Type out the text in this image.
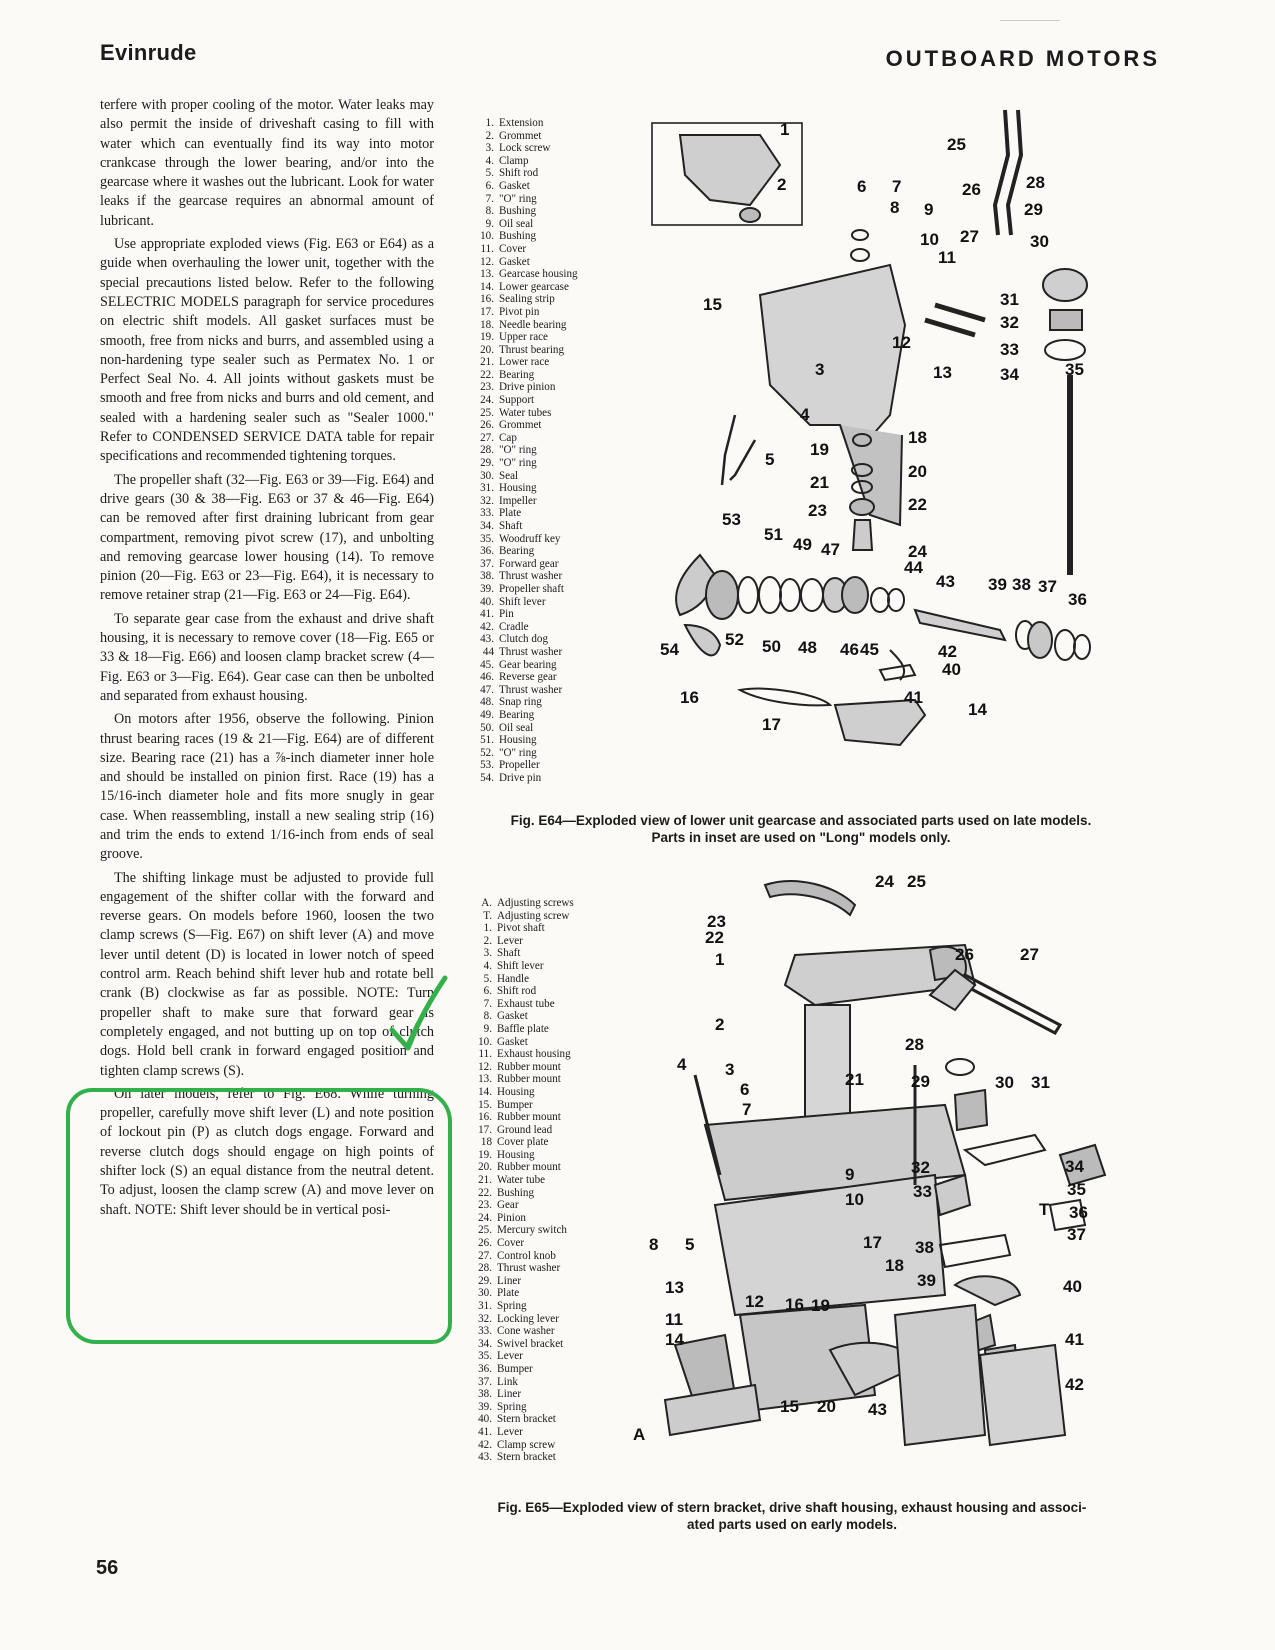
Evinrude	OUTBOARD MOTORS

terfere with proper cooling of the motor. Water leaks may also permit the inside of driveshaft casing to fill with water which can eventually find its way into motor crankcase through the lower bearing, and/or into the gearcase where it washes out the lubricant. Look for water leaks if the gearcase requires an abnormal amount of lubricant.

Use appropriate exploded views (Fig. E63 or E64) as a guide when overhauling the lower unit, together with the special precautions listed below. Refer to the following SELECTRIC MODELS paragraph for service procedures on electric shift models. All gasket surfaces must be smooth, free from nicks and burrs, and assembled using a non-hardening type sealer such as Permatex No. 1 or Perfect Seal No. 4. All joints without gaskets must be smooth and free from nicks and burrs and old cement, and sealed with a hardening sealer such as "Sealer 1000." Refer to CONDENSED SERVICE DATA table for repair specifications and recommended tightening torques.

The propeller shaft (32—Fig. E63 or 39—Fig. E64) and drive gears (30 & 38—Fig. E63 or 37 & 46—Fig. E64) can be removed after first draining lubricant from gear compartment, removing pivot screw (17), and unbolting and removing gearcase lower housing (14). To remove pinion (20—Fig. E63 or 23—Fig. E64), it is necessary to remove retainer strap (21—Fig. E63 or 24—Fig. E64).

To separate gear case from the exhaust and drive shaft housing, it is necessary to remove cover (18—Fig. E65 or 33 & 18—Fig. E66) and loosen clamp bracket screw (4—Fig. E63 or 3—Fig. E64). Gear case can then be unbolted and separated from exhaust housing.

On motors after 1956, observe the following. Pinion thrust bearing races (19 & 21—Fig. E64) are of different size. Bearing race (21) has a ⅞-inch diameter inner hole and should be installed on pinion first. Race (19) has a 15/16-inch diameter hole and fits more snugly in gear case. When reassembling, install a new sealing strip (16) and trim the ends to extend 1/16-inch from ends of seal groove.

The shifting linkage must be adjusted to provide full engagement of the shifter collar with the forward and reverse gears. On models before 1960, loosen the two clamp screws (S—Fig. E67) on shift lever (A) and move lever until detent (D) is located in lower notch of speed control arm. Reach behind shift lever hub and rotate bell crank (B) clockwise as far as possible. NOTE: Turn propeller shaft to make sure that forward gear is completely engaged, and not butting up on top of clutch dogs. Hold bell crank in forward engaged position and tighten clamp screws (S).

On later models, refer to Fig. E68. While turning propeller, carefully move shift lever (L) and note position of lockout pin (P) as clutch dogs engage. Forward and reverse clutch dogs should engage on high points of shifter lock (S) an equal distance from the neutral detent. To adjust, loosen the clamp screw (A) and move lever on shaft. NOTE: Shift lever should be in vertical posi-

56
1. Extension
2. Grommet
3. Lock screw
4. Clamp
5. Shift rod
6. Gasket
7. "O" ring
8. Bushing
9. Oil seal
10. Bushing
11. Cover
12. Gasket
13. Gearcase housing
14. Lower gearcase
16. Sealing strip
17. Pivot pin
18. Needle bearing
19. Upper race
20. Thrust bearing
21. Lower race
22. Bearing
23. Drive pinion
24. Support
25. Water tubes
26. Grommet
27. Cap
28. "O" ring
29. "O" ring
30. Seal
31. Housing
32. Impeller
33. Plate
34. Shaft
35. Woodruff key
36. Bearing
37. Forward gear
38. Thrust washer
39. Propeller shaft
40. Shift lever
41. Pin
42. Cradle
43. Clutch dog
44 Thrust washer
45. Gear bearing
46. Reverse gear
47. Thrust washer
48. Snap ring
49. Bearing
50. Oil seal
51. Housing
52. "O" ring
53. Propeller
54. Drive pin
1
2
3
4
5
6 7
8 9
10
11
12
13
14
15
16
17
18
19
20
21
22
23
24
25
26
27
28
29
30
31
32
33
34	35
36
37
38
39
40
41
42
43
44
45
46
47
48
49
50
51
52
53
54
Fig. E64—Exploded view of lower unit gearcase and associated parts used on late models.
Parts in inset are used on "Long" models only.
A. Adjusting screws
T. Adjusting screw
1. Pivot shaft
2. Lever
3. Shaft
4. Shift lever
5. Handle
6. Shift rod
7. Exhaust tube
8. Gasket
9. Baffle plate
10. Gasket
11. Exhaust housing
12. Rubber mount
13. Rubber mount
14. Housing
15. Bumper
16. Rubber mount
17. Ground lead
18 Cover plate
19. Housing
20. Rubber mount
21. Water tube
22. Bushing
23. Gear
24. Pinion
25. Mercury switch
26. Cover
27. Control knob
28. Thrust washer
29. Liner
30. Plate
31. Spring
32. Locking lever
33. Cone washer
34. Swivel bracket
35. Lever
36. Bumper
37. Link
38. Liner
39. Spring
40. Stern bracket
41. Lever
42. Clamp screw
43. Stern bracket
A
T
1
2
3
4
5
6
7
8
9
10
11
12
13
14
15
16
17
18
19
20
21
22
23
24 25
26	27
28
29	30 31
32
33
34
35
36
37
38
39	40
41
42
43
Fig. E65—Exploded view of stern bracket, drive shaft housing, exhaust housing and associ-
ated parts used on early models.
